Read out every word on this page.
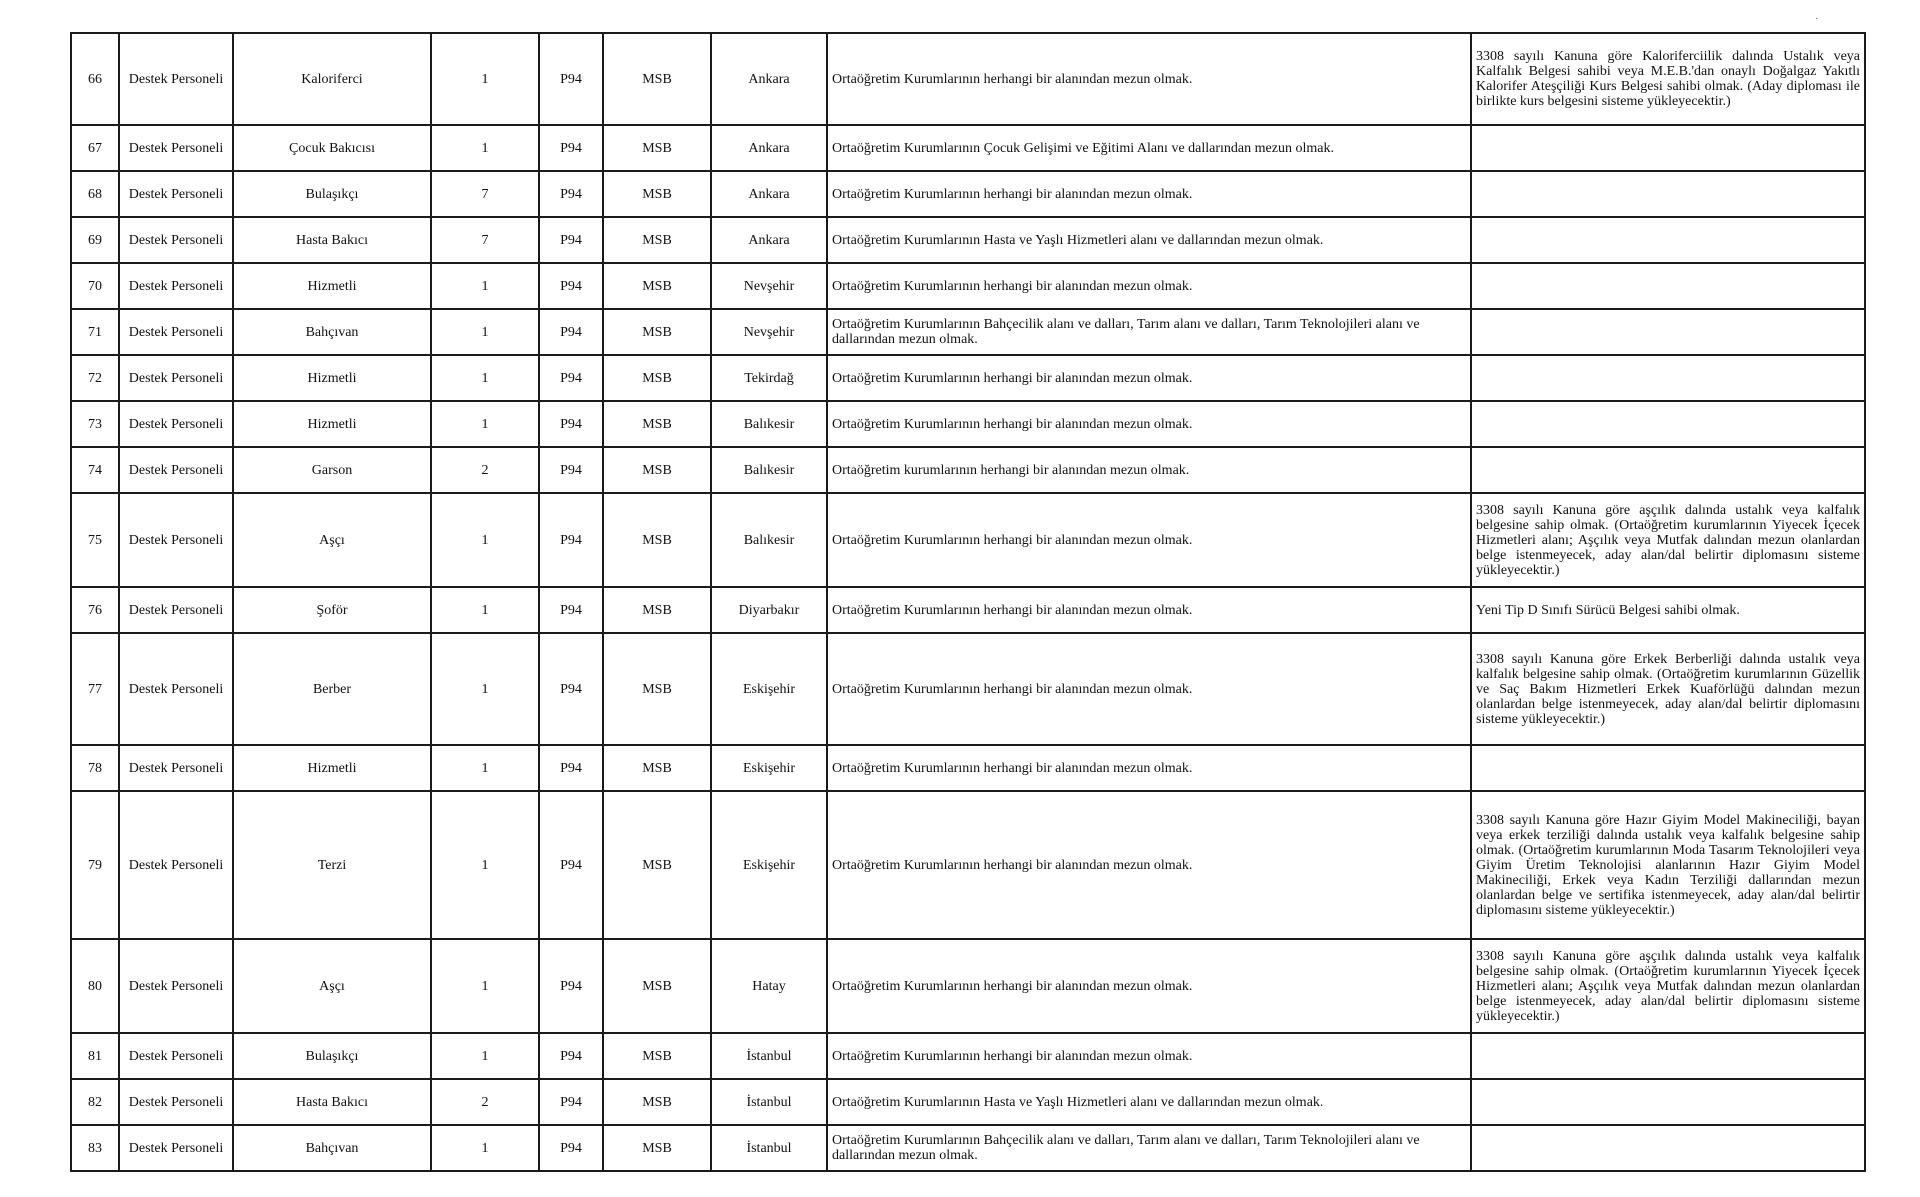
·
66	Destek Personeli	Kaloriferci	1	P94	MSB	Ankara	Ortaöğretim Kurumlarının herhangi bir alanından mezun olmak.	3308 sayılı Kanuna göre Kaloriferciilik dalında Ustalık veya Kalfalık Belgesi sahibi veya M.E.B.'dan onaylı Doğalgaz Yakıtlı Kalorifer Ateşçiliği Kurs Belgesi sahibi olmak. (Aday diploması ile birlikte kurs belgesini sisteme yükleyecektir.)
67	Destek Personeli	Çocuk Bakıcısı	1	P94	MSB	Ankara	Ortaöğretim Kurumlarının Çocuk Gelişimi ve Eğitimi Alanı ve dallarından mezun olmak.	
68	Destek Personeli	Bulaşıkçı	7	P94	MSB	Ankara	Ortaöğretim Kurumlarının herhangi bir alanından mezun olmak.	
69	Destek Personeli	Hasta Bakıcı	7	P94	MSB	Ankara	Ortaöğretim Kurumlarının Hasta ve Yaşlı Hizmetleri alanı ve dallarından mezun olmak.	
70	Destek Personeli	Hizmetli	1	P94	MSB	Nevşehir	Ortaöğretim Kurumlarının herhangi bir alanından mezun olmak.	
71	Destek Personeli	Bahçıvan	1	P94	MSB	Nevşehir	Ortaöğretim Kurumlarının Bahçecilik alanı ve dalları, Tarım alanı ve dalları, Tarım Teknolojileri alanı ve dallarından mezun olmak.	
72	Destek Personeli	Hizmetli	1	P94	MSB	Tekirdağ	Ortaöğretim Kurumlarının herhangi bir alanından mezun olmak.	
73	Destek Personeli	Hizmetli	1	P94	MSB	Balıkesir	Ortaöğretim Kurumlarının herhangi bir alanından mezun olmak.	
74	Destek Personeli	Garson	2	P94	MSB	Balıkesir	Ortaöğretim kurumlarının herhangi bir alanından mezun olmak.	
75	Destek Personeli	Aşçı	1	P94	MSB	Balıkesir	Ortaöğretim Kurumlarının herhangi bir alanından mezun olmak.	3308 sayılı Kanuna göre aşçılık dalında ustalık veya kalfalık belgesine sahip olmak. (Ortaöğretim kurumlarının Yiyecek İçecek Hizmetleri alanı; Aşçılık veya Mutfak dalından mezun olanlardan belge istenmeyecek, aday alan/dal belirtir diplomasını sisteme yükleyecektir.)
76	Destek Personeli	Şoför	1	P94	MSB	Diyarbakır	Ortaöğretim Kurumlarının herhangi bir alanından mezun olmak.	Yeni Tip D Sınıfı Sürücü Belgesi sahibi olmak.
77	Destek Personeli	Berber	1	P94	MSB	Eskişehir	Ortaöğretim Kurumlarının herhangi bir alanından mezun olmak.	3308 sayılı Kanuna göre Erkek Berberliği dalında ustalık veya kalfalık belgesine sahip olmak. (Ortaöğretim kurumlarının Güzellik ve Saç Bakım Hizmetleri Erkek Kuaförlüğü dalından mezun olanlardan belge istenmeyecek, aday alan/dal belirtir diplomasını sisteme yükleyecektir.)
78	Destek Personeli	Hizmetli	1	P94	MSB	Eskişehir	Ortaöğretim Kurumlarının herhangi bir alanından mezun olmak.	
79	Destek Personeli	Terzi	1	P94	MSB	Eskişehir	Ortaöğretim Kurumlarının herhangi bir alanından mezun olmak.	3308 sayılı Kanuna göre Hazır Giyim Model Makineciliği, bayan veya erkek terziliği dalında ustalık veya kalfalık belgesine sahip olmak. (Ortaöğretim kurumlarının Moda Tasarım Teknolojileri veya Giyim Üretim Teknolojisi alanlarının Hazır Giyim Model Makineciliği, Erkek veya Kadın Terziliği dallarından mezun olanlardan belge ve sertifika istenmeyecek, aday alan/dal belirtir diplomasını sisteme yükleyecektir.)
80	Destek Personeli	Aşçı	1	P94	MSB	Hatay	Ortaöğretim Kurumlarının herhangi bir alanından mezun olmak.	3308 sayılı Kanuna göre aşçılık dalında ustalık veya kalfalık belgesine sahip olmak. (Ortaöğretim kurumlarının Yiyecek İçecek Hizmetleri alanı; Aşçılık veya Mutfak dalından mezun olanlardan belge istenmeyecek, aday alan/dal belirtir diplomasını sisteme yükleyecektir.)
81	Destek Personeli	Bulaşıkçı	1	P94	MSB	İstanbul	Ortaöğretim Kurumlarının herhangi bir alanından mezun olmak.	
82	Destek Personeli	Hasta Bakıcı	2	P94	MSB	İstanbul	Ortaöğretim Kurumlarının Hasta ve Yaşlı Hizmetleri alanı ve dallarından mezun olmak.	
83	Destek Personeli	Bahçıvan	1	P94	MSB	İstanbul	Ortaöğretim Kurumlarının Bahçecilik alanı ve dalları, Tarım alanı ve dalları, Tarım Teknolojileri alanı ve dallarından mezun olmak.	
